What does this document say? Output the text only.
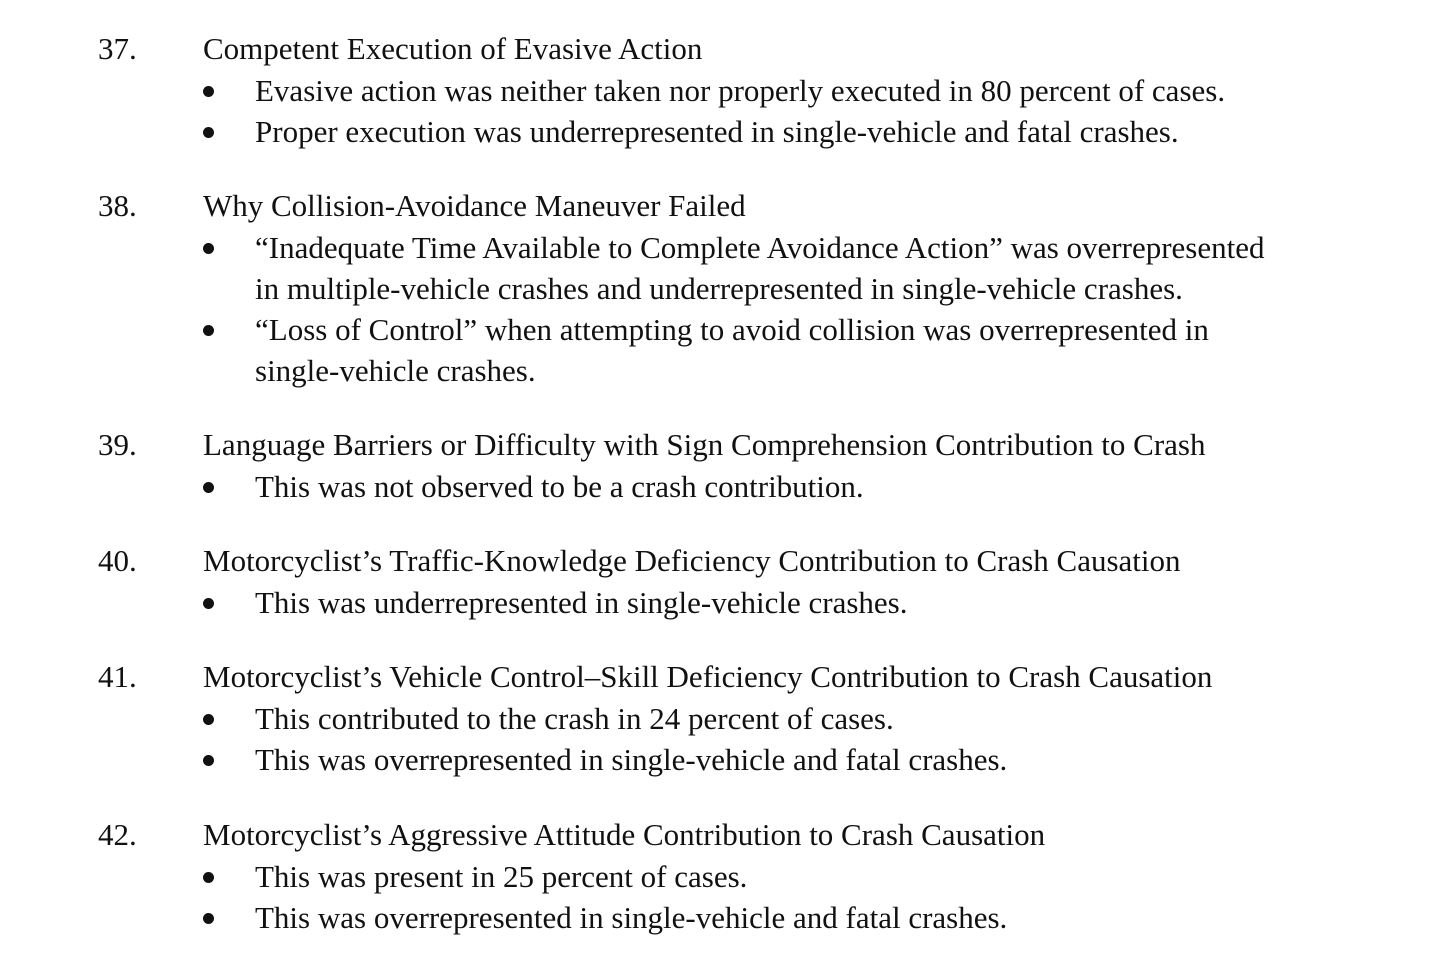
37. Competent Execution of Evasive Action
Evasive action was neither taken nor properly executed in 80 percent of cases.
Proper execution was underrepresented in single-vehicle and fatal crashes.
38. Why Collision-Avoidance Maneuver Failed
“Inadequate Time Available to Complete Avoidance Action” was overrepresented
in multiple-vehicle crashes and underrepresented in single-vehicle crashes.
“Loss of Control” when attempting to avoid collision was overrepresented in
single-vehicle crashes.
39. Language Barriers or Difficulty with Sign Comprehension Contribution to Crash
This was not observed to be a crash contribution.
40. Motorcyclist’s Traffic-Knowledge Deficiency Contribution to Crash Causation
This was underrepresented in single-vehicle crashes.
41. Motorcyclist’s Vehicle Control–Skill Deficiency Contribution to Crash Causation
This contributed to the crash in 24 percent of cases.
This was overrepresented in single-vehicle and fatal crashes.
42. Motorcyclist’s Aggressive Attitude Contribution to Crash Causation
This was present in 25 percent of cases.
This was overrepresented in single-vehicle and fatal crashes.
